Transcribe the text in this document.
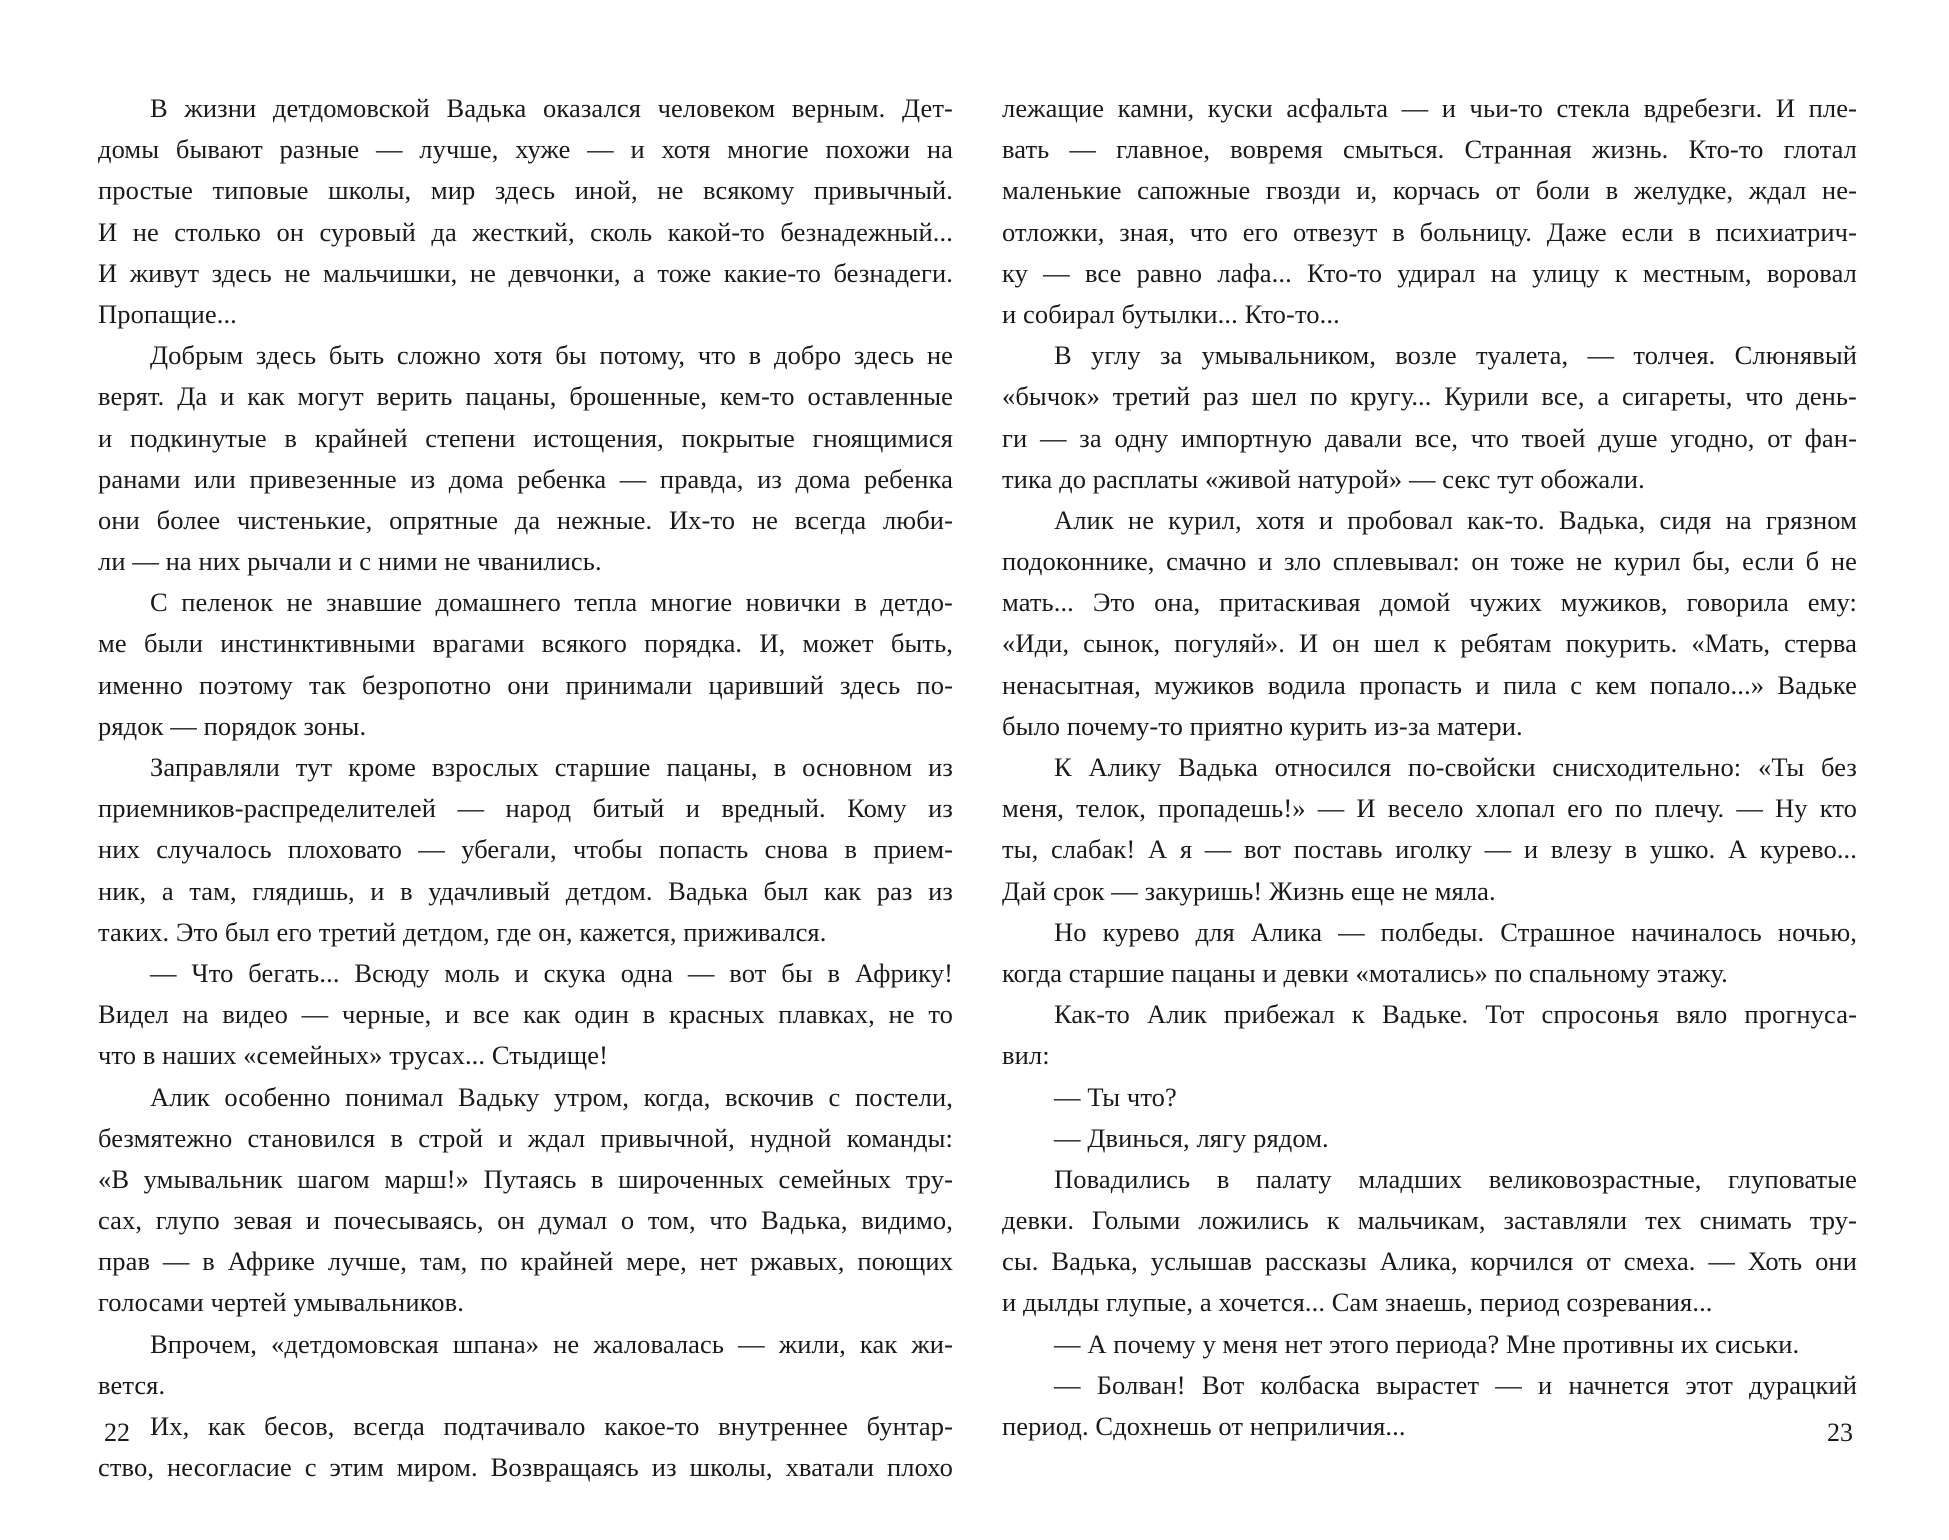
В жизни детдомовской Вадька оказался человеком верным. Дет-
домы бывают разные — лучше, хуже — и хотя многие похожи на
простые типовые школы, мир здесь иной, не всякому привычный.
И не столько он суровый да жесткий, сколь какой-то безнадежный...
И живут здесь не мальчишки, не девчонки, а тоже какие-то безнадеги.
Пропащие...
Добрым здесь быть сложно хотя бы потому, что в добро здесь не
верят. Да и как могут верить пацаны, брошенные, кем-то оставленные
и подкинутые в крайней степени истощения, покрытые гноящимися
ранами или привезенные из дома ребенка — правда, из дома ребенка
они более чистенькие, опрятные да нежные. Их-то не всегда люби-
ли — на них рычали и с ними не чванились.
С пеленок не знавшие домашнего тепла многие новички в детдо-
ме были инстинктивными врагами всякого порядка. И, может быть,
именно поэтому так безропотно они принимали царивший здесь по-
рядок — порядок зоны.
Заправляли тут кроме взрослых старшие пацаны, в основном из
приемников-распределителей — народ битый и вредный. Кому из
них случалось плоховато — убегали, чтобы попасть снова в прием-
ник, а там, глядишь, и в удачливый детдом. Вадька был как раз из
таких. Это был его третий детдом, где он, кажется, приживался.
— Что бегать... Всюду моль и скука одна — вот бы в Африку!
Видел на видео — черные, и все как один в красных плавках, не то
что в наших «семейных» трусах... Стыдище!
Алик особенно понимал Вадьку утром, когда, вскочив с постели,
безмятежно становился в строй и ждал привычной, нудной команды:
«В умывальник шагом марш!» Путаясь в широченных семейных тру-
сах, глупо зевая и почесываясь, он думал о том, что Вадька, видимо,
прав — в Африке лучше, там, по крайней мере, нет ржавых, поющих
голосами чертей умывальников.
Впрочем, «детдомовская шпана» не жаловалась — жили, как жи-
вется.
Их, как бесов, всегда подтачивало какое-то внутреннее бунтар-
ство, несогласие с этим миром. Возвращаясь из школы, хватали плохо
22
лежащие камни, куски асфальта — и чьи-то стекла вдребезги. И пле-
вать — главное, вовремя смыться. Странная жизнь. Кто-то глотал
маленькие сапожные гвозди и, корчась от боли в желудке, ждал не-
отложки, зная, что его отвезут в больницу. Даже если в психиатрич-
ку — все равно лафа... Кто-то удирал на улицу к местным, воровал
и собирал бутылки... Кто-то...
В углу за умывальником, возле туалета, — толчея. Слюнявый
«бычок» третий раз шел по кругу... Курили все, а сигареты, что день-
ги — за одну импортную давали все, что твоей душе угодно, от фан-
тика до расплаты «живой натурой» — секс тут обожали.
Алик не курил, хотя и пробовал как-то. Вадька, сидя на грязном
подоконнике, смачно и зло сплевывал: он тоже не курил бы, если б не
мать... Это она, притаскивая домой чужих мужиков, говорила ему:
«Иди, сынок, погуляй». И он шел к ребятам покурить. «Мать, стерва
ненасытная, мужиков водила пропасть и пила с кем попало...» Вадьке
было почему-то приятно курить из-за матери.
К Алику Вадька относился по-свойски снисходительно: «Ты без
меня, телок, пропадешь!» — И весело хлопал его по плечу. — Ну кто
ты, слабак! А я — вот поставь иголку — и влезу в ушко. А курево...
Дай срок — закуришь! Жизнь еще не мяла.
Но курево для Алика — полбеды. Страшное начиналось ночью,
когда старшие пацаны и девки «мотались» по спальному этажу.
Как-то Алик прибежал к Вадьке. Тот спросонья вяло прогнуса-
вил:
— Ты что?
— Двинься, лягу рядом.
Повадились в палату младших великовозрастные, глуповатые
девки. Голыми ложились к мальчикам, заставляли тех снимать тру-
сы. Вадька, услышав рассказы Алика, корчился от смеха. — Хоть они
и дылды глупые, а хочется... Сам знаешь, период созревания...
— А почему у меня нет этого периода? Мне противны их сиськи.
— Болван! Вот колбаска вырастет — и начнется этот дурацкий
период. Сдохнешь от неприличия...	23
